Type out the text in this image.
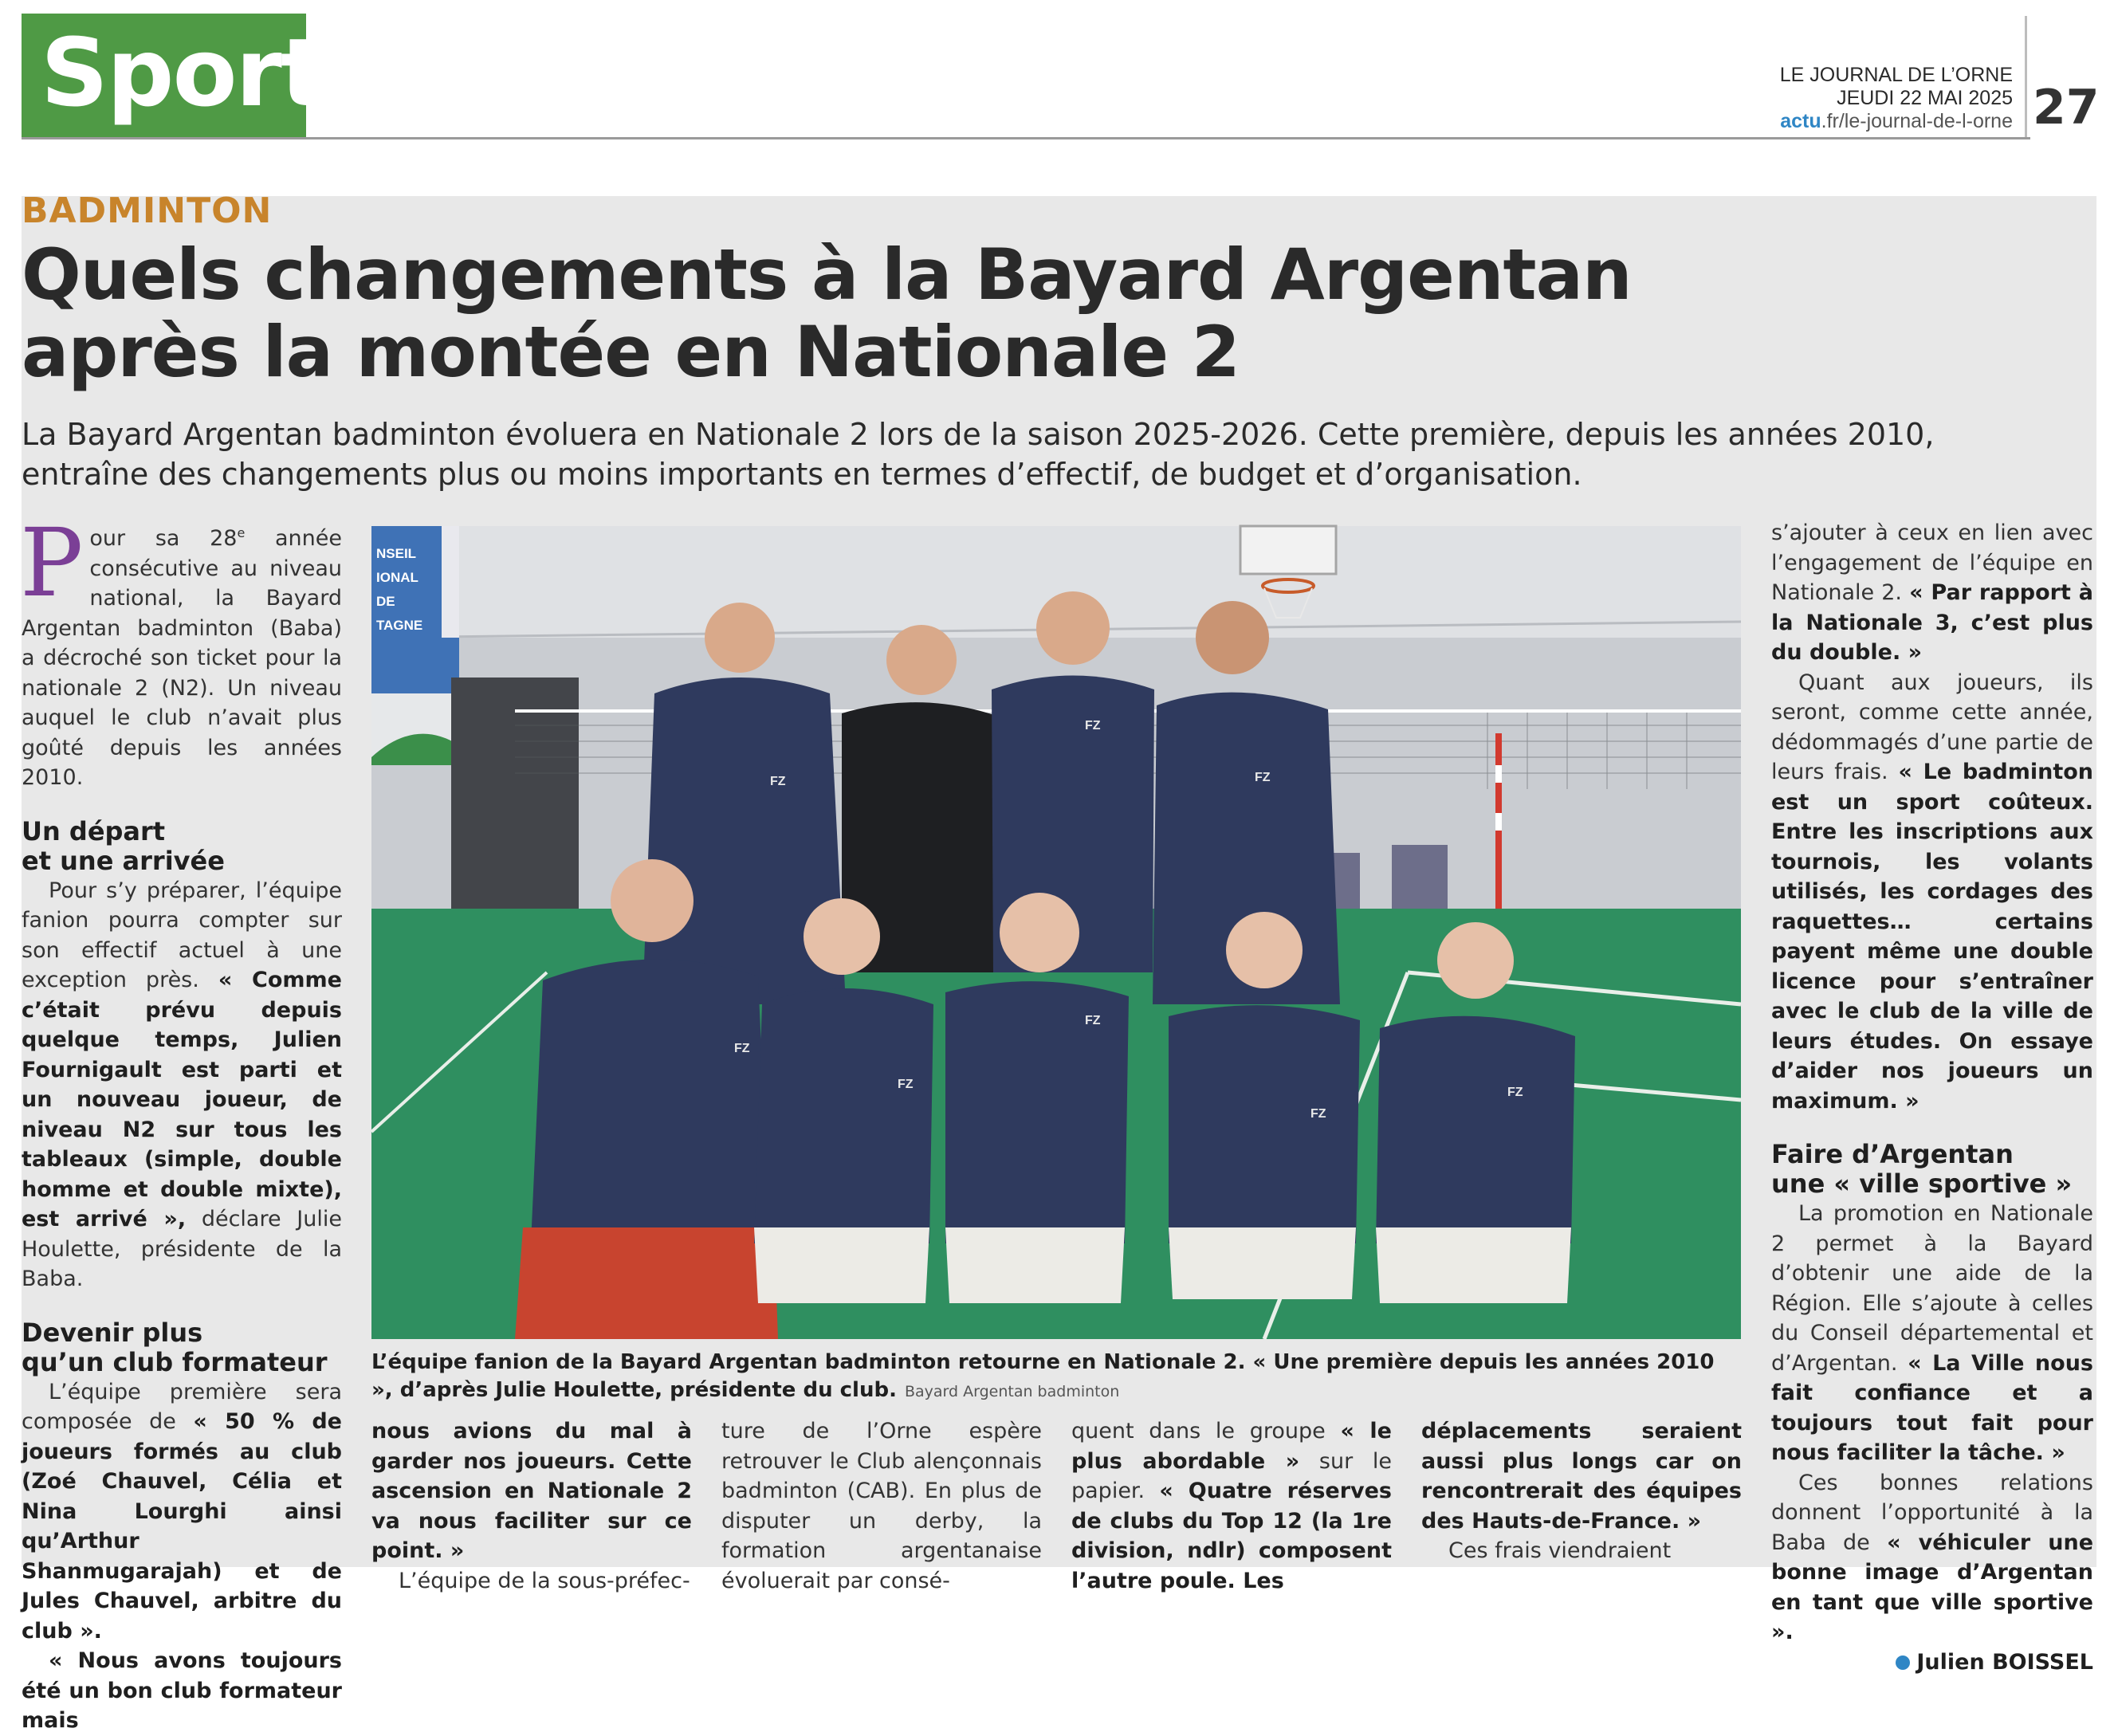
Sport	LE JOURNAL DE L’ORNE
JEUDI 22 MAI 2025
actu.fr/le-journal-de-l-orne 27
BADMINTON
Quels changements à la Bayard Argentan
après la montée en Nationale 2
La Bayard Argentan badminton évoluera en Nationale 2 lors de la saison 2025-2026. Cette première, depuis les années 2010,
entraîne des changements plus ou moins importants en termes d’effectif, de budget et d’organisation.

Pour sa 28e année consécutive au niveau national, la Bayard Argentan badminton (Baba) a décroché son ticket pour la nationale 2 (N2). Un niveau auquel le club n’avait plus goûté depuis les années 2010.

Un départ
et une arrivée

Pour s’y préparer, l’équipe fanion pourra compter sur son effectif actuel à une exception près. « Comme c’était prévu depuis quelque temps, Julien Fournigault est parti et un nouveau joueur, de niveau N2 sur tous les tableaux (simple, double homme et double mixte), est arrivé », déclare Julie Houlette, présidente de la Baba.

Devenir plus
qu’un club formateur

L’équipe première sera composée de « 50 % de joueurs formés au club (Zoé Chauvel, Célia et Nina Lourghi ainsi qu’Arthur Shanmugarajah) et de Jules Chauvel, arbitre du club ».

« Nous avons toujours été un bon club formateur mais

NSEIL
IONAL
DE
TAGNE
FZ
FZ
FZ
FZ
FZ
FZ
FZ
FZ
L’équipe fanion de la Bayard Argentan badminton retourne en Nationale 2. « Une première depuis les années 2010 », d’après Julie Houlette, présidente du club. Bayard Argentan badminton

nous avions du mal à garder nos joueurs. Cette ascension en Nationale 2 va nous faciliter sur ce point. »

L’équipe de la sous-préfec-

ture de l’Orne espère retrouver le Club alençonnais badminton (CAB). En plus de disputer un derby, la formation argentanaise évoluerait par consé-

quent dans le groupe « le plus abordable » sur le papier. « Quatre réserves de clubs du Top 12 (la 1re division, ndlr) composent l’autre poule. Les

déplacements seraient aussi plus longs car on rencontrerait des équipes des Hauts-de-France. »

Ces frais viendraient

s’ajouter à ceux en lien avec l’engagement de l’équipe en Nationale 2. « Par rapport à la Nationale 3, c’est plus du double. »

Quant aux joueurs, ils seront, comme cette année, dédommagés d’une partie de leurs frais. « Le badminton est un sport coûteux. Entre les inscriptions aux tournois, les volants utilisés, les cordages des raquettes… certains payent même une double licence pour s’entraîner avec le club de la ville de leurs études. On essaye d’aider nos joueurs un maximum. »

Faire d’Argentan
une « ville sportive »

La promotion en Nationale 2 permet à la Bayard d’obtenir une aide de la Région. Elle s’ajoute à celles du Conseil départemental et d’Argentan. « La Ville nous fait confiance et a toujours tout fait pour nous faciliter la tâche. »

Ces bonnes relations donnent l’opportunité à la Baba de « véhiculer une bonne image d’Argentan en tant que ville sportive ».

Julien BOISSEL
